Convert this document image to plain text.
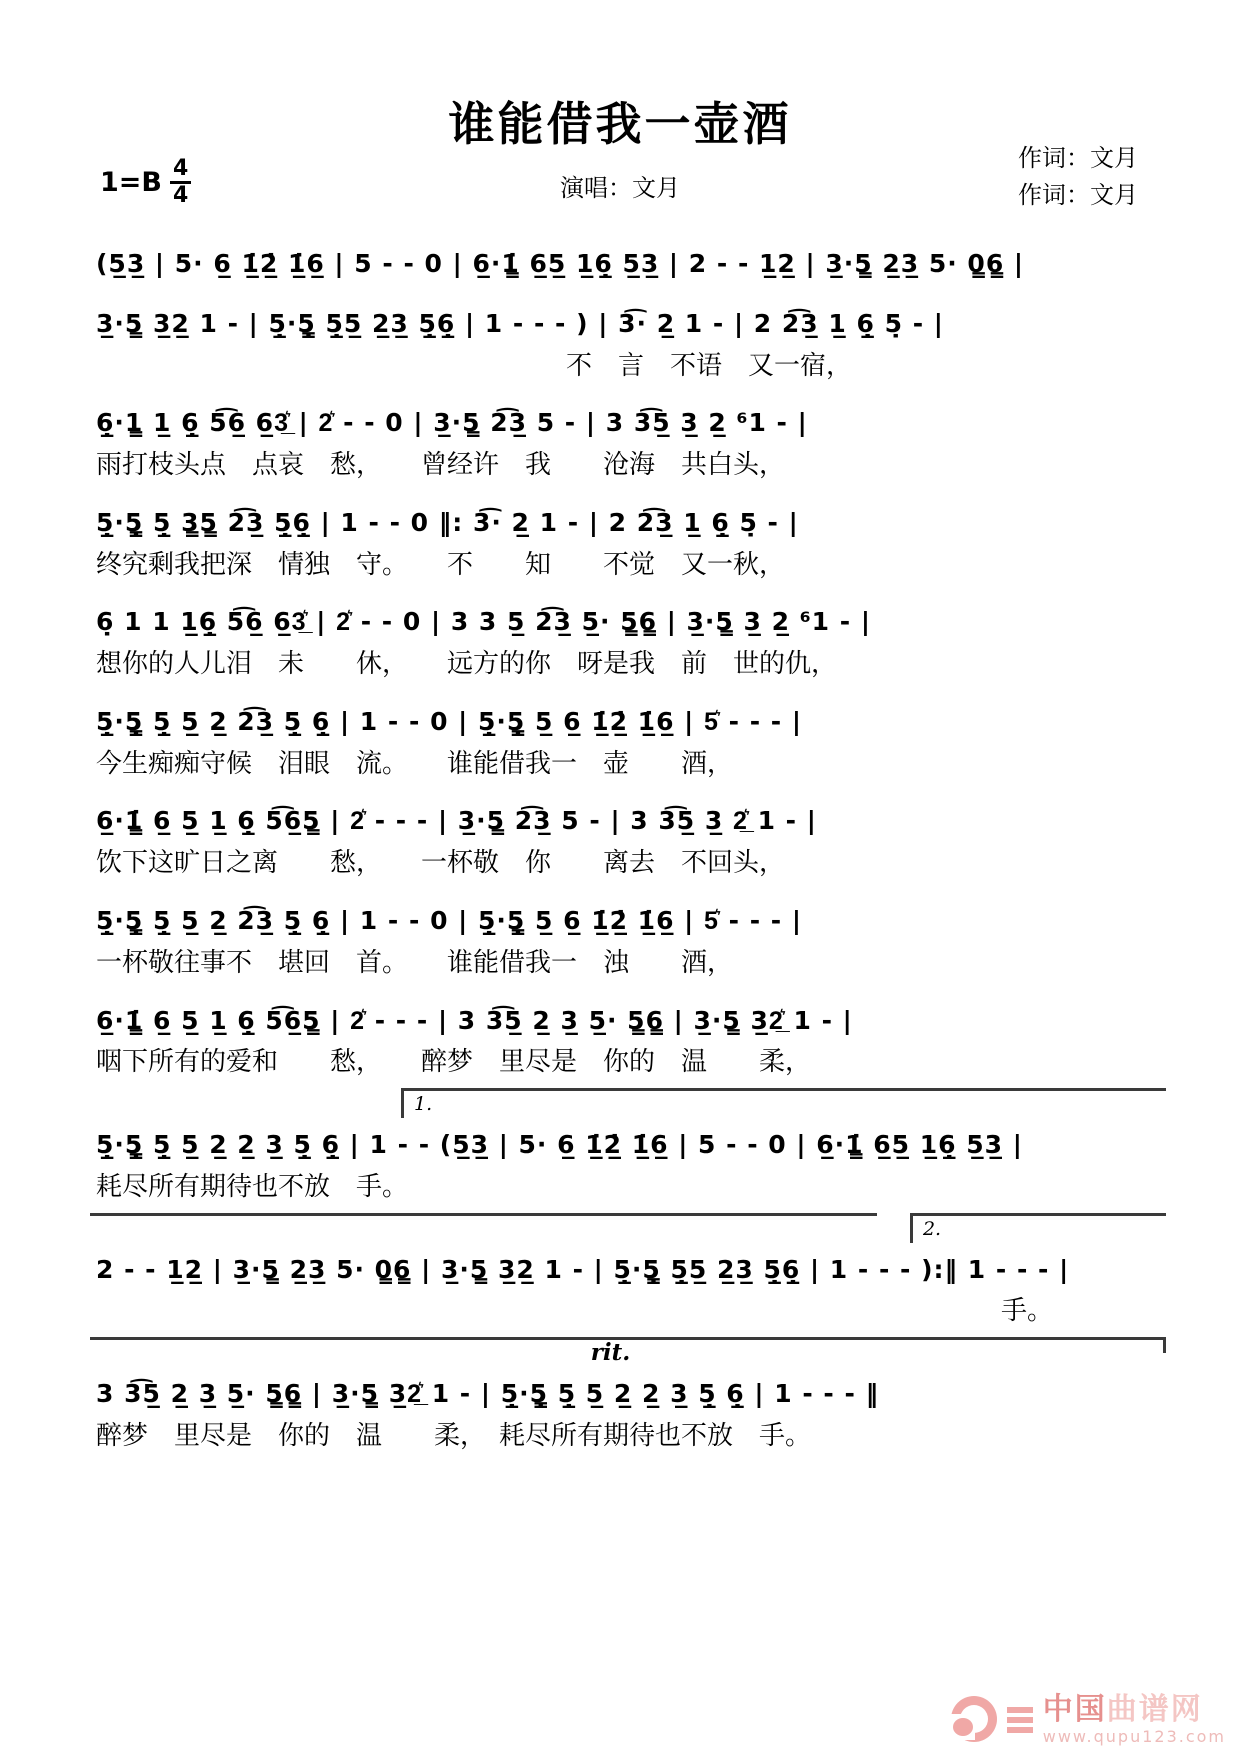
谁能借我一壶酒
$1=B \frac{4}{4}$	演唱：文月
作词：文月
作词：文月
(5̲3̲ | 5· 6̲ 1̲̇2̲̇ 1̲̇6̲ | 5 - - 0 | 6̲·1̳̇ 6̲5̲ 1̲6̲̣ 5̲3̲ | 2 - - 1̲2̲ | 3̲·5̳ 2̲3̲ 5· 0̳6̳ |
3̲·5̳ 3̲2̲ 1 - | 5̲̣·5̳̣ 5̲̣5̲ 2̲3̲ 5̲̣6̲̣ | 1 - - - ) | 3͡· 2̲ 1 - | 2 2͡3̲ 1̲ 6̲̣ 5̣ - |
不　言　不语　又一宿，
6̲̣·1̳ 1̲ 6̲̣ 5͡6̲ 6̲3̲͛ | 2͛ - - 0 | 3̲·5̳ 2͡3̲ 5 - | 3 3͡5̲ 3̲ 2̲ ⁶1 - |
雨打枝头点　点哀　愁，　　曾经许　我　　沧海　共白头，
5̲̣·5̳̣ 5̲̣ 3̳5̳ 2͡3̲ 5̲̣6̲̣ | 1 - - 0 ‖: 3͡· 2̲ 1 - | 2 2͡3̲ 1̲ 6̲̣ 5̣ - |
终究剩我把深　情独　守。　　不　　知　　不觉　又一秋，
6̣ 1 1 1̲6̲̣ 5͡6̲ 6̲3̲͛ | 2͛ - - 0 | 3 3 5̲ 2͡3̲ 5̲· 5̳6̳ | 3̲·5̳ 3̲ 2̲ ⁶1 - |
想你的人儿泪　未　　休，　　远方的你　呀是我　前　世的仇，
5̲̣·5̳̣ 5̲̣ 5̲ 2̲ 2͡3̲ 5̲̣ 6̲̣ | 1 - - 0 | 5̲̣·5̳̣ 5̲ 6̲ 1̲̇2̲̇ 1̲̇6̲ | 5͛ - - - |
今生痴痴守候　泪眼　流。　　谁能借我一　壶　　酒，
6̲·1̳̇ 6̲ 5̲ 1̲ 6̲̣ 5͡6̲5̳ | 2͛ - - - | 3̲·5̳ 2͡3̲ 5 - | 3 3͡5̲ 3̲ 2̲͛ 1 - |
饮下这旷日之离　　愁，　　一杯敬　你　　离去　不回头，
5̲̣·5̳̣ 5̲̣ 5̲ 2̲ 2͡3̲ 5̲̣ 6̲̣ | 1 - - 0 | 5̲̣·5̳̣ 5̲ 6̲ 1̲̇2̲̇ 1̲̇6̲ | 5͛ - - - |
一杯敬往事不　堪回　首。　　谁能借我一　浊　　酒，
6̲·1̳̇ 6̲ 5̲ 1̲ 6̲̣ 5͡6̲5̳ | 2͛ - - - | 3 3͡5̲ 2̲ 3̲ 5̲· 5̳6̳ | 3̲·5̳ 3̲2̲͛ 1 - |
咽下所有的爱和　　愁，　　醉梦　里尽是　你的　温　　柔，
1.
5̲̣·5̳̣ 5̲̣ 5̲ 2̲ 2̲ 3̲ 5̲̣ 6̲̣ | 1 - - (5̲3̲ | 5· 6̲ 1̲̇2̲̇ 1̲̇6̲ | 5 - - 0 | 6̲·1̳̇ 6̲5̲ 1̲6̲̣ 5̲3̲ |
耗尽所有期待也不放　手。
2.
2 - - 1̲2̲ | 3̲·5̳ 2̲3̲ 5· 0̳6̳ | 3̲·5̳ 3̲2̲ 1 - | 5̲̣·5̳̣ 5̲̣5̲ 2̲3̲ 5̲̣6̲̣ | 1 - - - ):‖ 1 - - - |
手。
rit.
3 3͡5̲ 2̲ 3̲ 5̲· 5̳6̳ | 3̲·5̳ 3̲2̲͛ 1 - | 5̲̣·5̳̣ 5̲̣ 5̲ 2̲ 2̲ 3̲ 5̲̣ 6̲̣ | 1 - - - ‖
醉梦　里尽是　你的　温　　柔，　耗尽所有期待也不放　手。
中国曲谱网
www.qupu123.com
